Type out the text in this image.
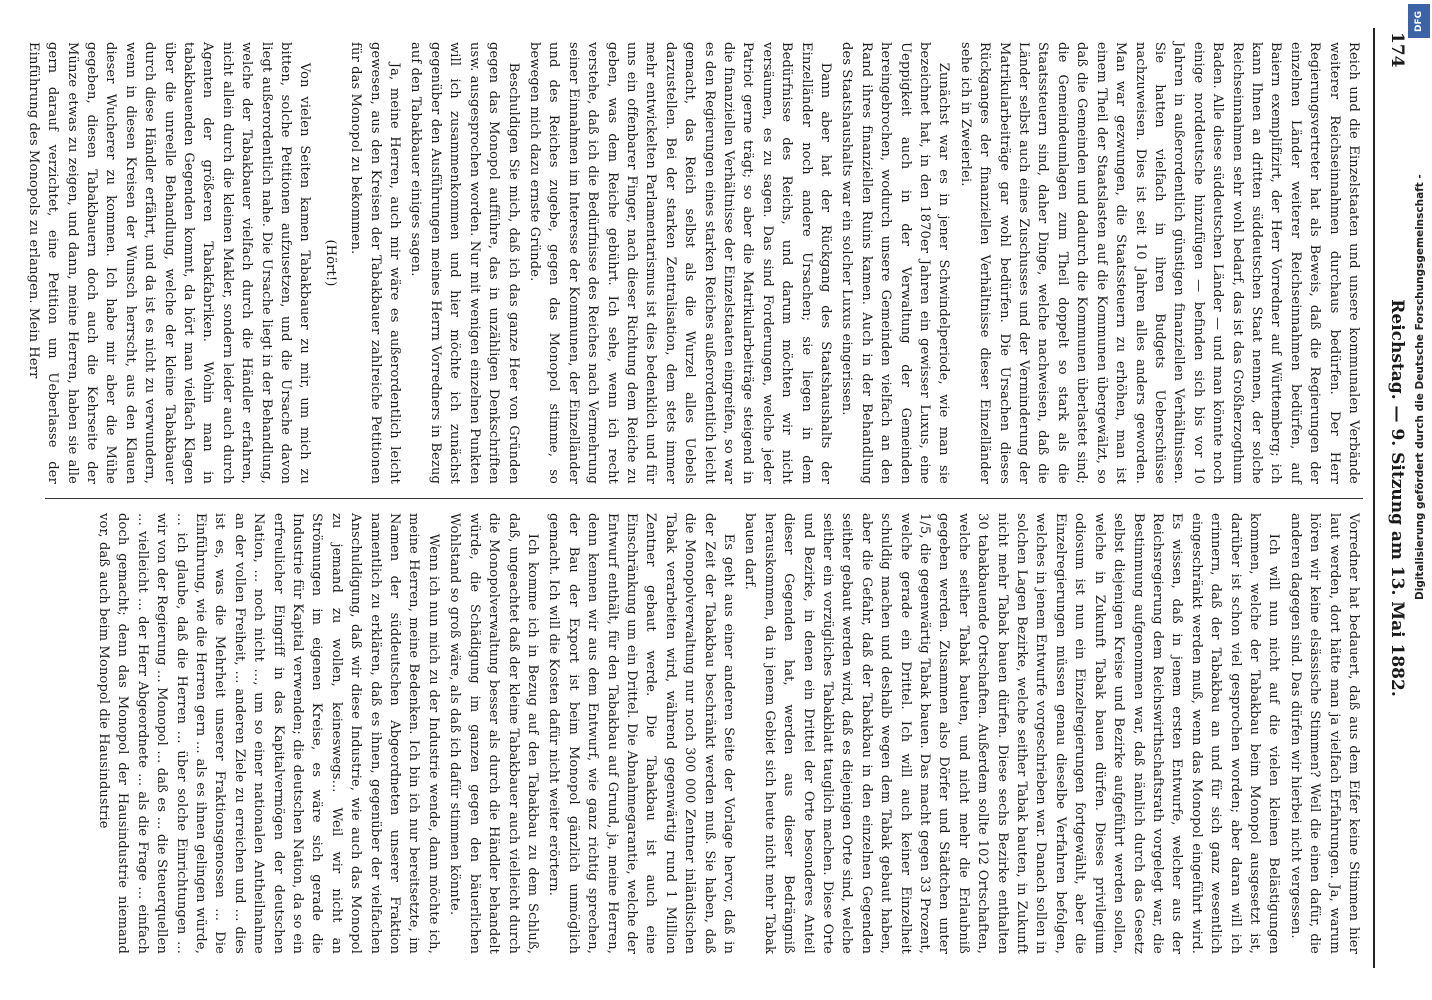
174
Reichstag. — 9. Sitzung am 13. Mai 1882.

Reich und die Einzelstaaten und unsere kommunalen Verbände weiterer Reichseinnahmen durchaus bedürfen. Der Herr Regierungsvertreter hat als Beweis, daß die Regierungen der einzelnen Länder weiterer Reichseinnahmen bedürfen, auf Baiern exemplifizirt, der Herr Vorredner auf Württemberg; ich kann Ihnen an dritten süddeutschen Staat nennen, der solche Reichseinnahmen sehr wohl bedarf, das ist das Großherzogthum Baden. Alle diese süddeutschen Länder — und man könnte noch einige norddeutsche hinzufügen — befinden sich bis vor 10 Jahren in außerordentlich günstigen finanziellen Verhältnissen. Sie hatten vielfach in ihren Budgets Ueberschüsse nachzuweisen. Dies ist seit 10 Jahren alles anders geworden. Man war gezwungen, die Staatssteuern zu erhöhen, man ist einem Theil der Staatslasten auf die Kommunen übergewälzt, so daß die Gemeinden und dadurch die Kommunen überlastet sind; die Gemeindeumlagen zum Theil doppelt so stark als die Staatssteuern sind, daher Dinge, welche nachweisen, daß die Länder selbst auch eines Zuschusses und der Verminderung der Matrikularbeiträge gar wohl bedürfen. Die Ursachen dieses Rückganges der finanziellen Verhältnisse dieser Einzelländer sehe ich in Zweierlei.

Zunächst war es in jener Schwindelperiode, wie man sie bezeichnet hat, in den 1870er Jahren ein gewisser Luxus, eine Ueppigkeit auch in der Verwaltung der Gemeinden hereingebrochen, wodurch unsere Gemeinden vielfach an den Rand ihres finanziellen Ruins kamen. Auch in der Behandlung des Staatshaushalts war ein solcher Luxus eingerissen.

Dann aber hat der Rückgang des Staatshaushalts der Einzelländer noch andere Ursachen; sie liegen in dem Bedürfnisse des Reichs, und darum möchten wir nicht versäumen, es zu sagen. Das sind Forderungen, welche jeder Patriot gerne trägt; so aber die Matrikularbeiträge steigend in die finanziellen Verhältnisse der Einzelstaaten eingreifen, so war es den Regierungen eines starken Reiches außerordentlich leicht gemacht, das Reich selbst als die Wurzel alles Uebels darzustellen. Bei der starken Zentralisation, dem stets immer mehr entwickelten Parlamentarismus ist dies bedenklich und für uns ein offenbarer Finger, nach dieser Richtung dem Reiche zu geben, was dem Reiche gebührt. Ich sehe, wenn ich recht verstehe, daß ich die Bedürfnisse des Reiches nach Vermehrung seiner Einnahmen im Interesse der Kommunen, der Einzelländer und des Reiches zugebe, gegen das Monopol stimme, so bewegen mich dazu ernste Gründe.

Beschuldigen Sie mich, daß ich das ganze Heer von Gründen gegen das Monopol aufführe, das in unzähligen Denkschriften usw. ausgesprochen worden. Nur mit wenigen einzelnen Punkten will ich zusammenkommen und hier möchte ich zunächst gegenüber den Ausführungen meines Herrn Vorredners in Bezug auf den Tabakbauer einiges sagen.

Ja, meine Herren, auch mir wäre es außerordentlich leicht gewesen, aus den Kreisen der Tabakbauer zahlreiche Petitionen für das Monopol zu bekommen.

(Hört!)

Von vielen Seiten kamen Tabakbauer zu mir, um mich zu bitten, solche Petitionen aufzusetzen, und die Ursache davon liegt außerordentlich nahe. Die Ursache liegt in der Behandlung, welche der Tabakbauer vielfach durch die Händler erfahren, nicht allein durch die kleinen Makler, sondern leider auch durch Agenten der größeren Tabakfabriken. Wohin man in tabakbauenden Gegenden kommt, da hört man vielfach Klagen über die unreelle Behandlung, welche der kleine Tabakbauer durch diese Händler erfährt, und da ist es nicht zu verwundern, wenn in diesen Kreisen der Wunsch herrscht, aus den Klauen dieser Wucherer zu kommen. Ich habe mir aber die Mühe gegeben, diesen Tabakbauern doch auch die Kehrseite der Münze etwas zu zeigen, und dann, meine Herren, haben sie alle gern darauf verzichtet, eine Petition um Ueberlasse der Einführung des Monopols zu erlangen. Mein Herr

Vorredner hat bedauert, daß aus dem Eifer keine Stimmen hier laut werden, dort hätte man ja vielfach Erfahrungen. Ja, warum hören wir keine elsässische Stimmen? Weil die einen dafür, die anderen dagegen sind. Das dürfen wir hierbei nicht vergessen.

Ich will nun nicht auf die vielen kleinen Belästigungen kommen, welche der Tabakbau beim Monopol ausgesetzt ist, darüber ist schon viel gesprochen worden; aber daran will ich erinnern, daß der Tabakbau an und für sich ganz wesentlich eingeschränkt werden muß, wenn das Monopol eingeführt wird. Es wissen, daß in jenem ersten Entwurfe, welcher aus der Reichsregierung dem Reichswirthschaftsrath vorgelegt war, die Bestimmung aufgenommen war, daß nämlich durch das Gesetz selbst diejenigen Kreise und Bezirke aufgeführt werden sollen, welche in Zukunft Tabak bauen dürfen. Dieses privilegium odiosum ist nun ein Einzelregierungen fortgewählt, aber die Einzelregierungen müssen genau dieselbe Verfahren befolgen, welches in jenem Entwurfe vorgeschrieben war. Danach sollen in solchen Lagen Bezirke, welche seither Tabak bauten, in Zukunft nicht mehr Tabak bauen dürfen. Diese sechs Bezirke enthalten 30 tabakbauende Ortschaften. Außerdem sollte 102 Ortschaften, welche seither Tabak bauten, und nicht mehr die Erlaubniß gegeben werden. Zusammen also Dörfer und Städtchen unter 1/5, die gegenwärtig Tabak bauen. Das macht gegen 33 Prozent, welche gerade ein Drittel. Ich will auch keiner Einzelheit schuldig machen und deshalb wegen dem Tabak gebaut haben, aber die Gefahr, daß der Tabakbau in den einzelnen Gegenden seither gebaut werden wird, daß es diejenigen Orte sind, welche seither ein vorzügliches Tabakblatt tauglich machen. Diese Orte und Bezirke, in denen ein Drittel der Orte besonderes Anteil dieser Gegenden hat, werden aus dieser Bedrängniß herauskommen, da in jenem Gebiet sich heute nicht mehr Tabak bauen darf.

Es geht aus einer anderen Seite der Vorlage hervor, daß in der Zeit der Tabakbau beschränkt werden muß. Sie haben, daß die Monopolverwaltung nur noch 300 000 Zentner inländischen Tabak verarbeiten wird, während gegenwärtig rund 1 Million Zentner gebaut werde. Die Tabakbau ist auch eine Einschränkung um ein Drittel. Die Abnahmegarantie, welche der Entwurf enthält, für den Tabakbau auf Grund, ja, meine Herren, denn kennen wir aus dem Entwurf, wie ganz richtig sprechen, der Bau der Export ist beim Monopol gänzlich unmöglich gemacht. Ich will die Kosten dafür nicht weiter erörtern.

Ich komme ich in Bezug auf den Tabakbau zu dem Schluß, daß, ungeachtet daß der kleine Tabakbauer auch vielleicht durch die Monopolverwaltung besser als durch die Händler behandelt würde, die Schädigung im ganzen gegen den bäuerlichen Wohlstand so groß wäre, als daß ich dafür stimmen könnte.

Wenn ich nun mich zu der Industrie wende, dann möchte ich, meine Herren, meine Bedenken. Ich bin ich nur bereitsetzte, im Namen der süddeutschen Abgeordneten unserer Fraktion namentlich zu erklären, daß es ihnen, gegenüber der vielfachen Anschuldigung, daß wir diese Industrie, wie auch das Monopol zu jemand zu wollen, keineswegs... Weil wir nicht an Strömungen im eigenen Kreise, es wäre sich gerade die Industrie für Kapital verwenden; die deutschen Nation, da so ein erfreulicher Eingriff in das Kapitalvermögen der deutschen Nation, ... noch nicht ..., um so einer nationalen Antheilnahme an der vollen Freiheit, ... anderen Ziele zu erreichen und ... dies ist es, was die Mehrheit unserer Fraktionsgenossen ... Die Einführung, wie die Herren gern ... als es ihnen gelingen würde, ... ich glaube, daß die Herren ... über solche Einrichtungen ... wir von der Regierung ... Monopol ... daß es ... die Steuerquellen ... vielleicht ... der Herr Abgeordnete ... als die Frage ... einfach doch gemacht; denn das Monopol der Hausindustrie niemand vor, daß auch beim Monopol die Hausindustrie

DFG
Digitalisierung gefördert durch die Deutsche Forschungsgemeinschaft -
